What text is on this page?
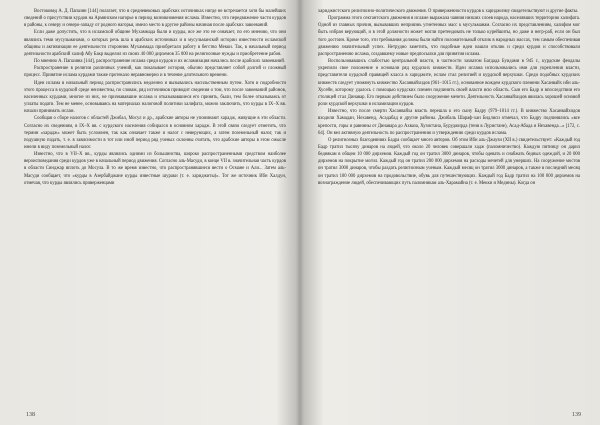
Востоковед А. Д. Папазян [144] полагает, что в средневековых арабских источниках нигде не встречается хотя бы малейших сведений о присутствии курдов на Армянском нагорье в период возникновения ислама. Известно, что передвижение части курдов в районы, к северу и северо-западу от родного нагорья, имело место в другие районы начиная после арабских завоеваний.

Если даже допустить, что в исламской общине Мухаммада были и курды, все же это не означает, по его мнению, что они являлись теми мусульманами, о которых речь шла в арабских источниках и в мусульманской истории известности исламской общины и активизации ее деятельности сторонник Мухаммада приобретали работу в бегство Мекки. Так, в начальный период деятельности арабский халиф Абу Бакр выделил из своих 40 000 дирхемов 35 000 на религиозные нужды и приобретение рабов.

По мнению А. Папазяна [144], распространение ислама среди курдов и их исламизация начались после арабских завоеваний.

Распространение в религии различных учений, как показывает история, обычно представляет собой долгий и сложный процесс. Принятие ислама курдами также протекало неравномерно и в течение длительного времени.

Идеи ислама в начальный период распространились медленно и вызывались насильственным путем. Хотя и подробности этого процесса в курдской среде неизвестны, по словам, ряд источников приводит сведения о том, что после завоеваний районов, населенных курдами, многие из них, не признававшие ислама и отказывавшиеся его принять, были, тем более отказываясь от уплаты подати. Тем не менее, основываясь на материалах налоговой политики халифата, можно заключить, что курды в IX–X вв. начали принимать ислам.

Сообщая о сборе налогов с областей Джибал, Мосул и др., арабские авторы не упоминают харадж, живущие в эти области. Согласно их сведениям, в IX–X вв. с курдского населения собирался в основном харадж. В этой связи следует отметить, что термин «харадж» может быть усложнен, так как означает также и налог с неверующих, а затем поземельный налог, так и подушную подать, т. е. в зависимости в тот или иной период ряд ученых склонны считать, что арабские авторы в этом смысле имели в виду поземельный налог.

Известно, что в VII–X вв., курды являлись одними из большинства, широко распространенными средством наиболее вероисповедания среди курдов уже в начальный период движения. Согласно аль-Масуди, в конце VII в. значительная часть курдов в области Синджар вплоть до Мосула. В то же время известно, что распространявшиеся вести о Османе и Али... Затем аль-Масуди сообщает, что «курды в Азербайджане курды известные шураки (т. е. хариджиты)». Тот же источник Ибн Халдун, отмечая, что курды являлись приверженцами

138

хариджистского религиозно-политического движения. О приверженности курдов к хариджизму свидетельствуют и другие факты.

Программа этого сектантского движения в исламе выражала чаяния низших слоев народа, населявших территорию халифата. Одной из главных причин, вызывавших неприязнь угнетенных масс к мусульманам. Согласно их представлениям, халифом мог быть избран верующий, и в этой должности может могли претендовать не только курейшиты, но даже и негр-раб, если он был того достоин. Кроме того, эти требования должны были найти положительный отклик в народных массах, тем самым обеспечивая движению значительный успех. Нетрудно заметить, что подобные идеи нашли отклик и среди курдов и способствовали распространению ислама, создавшему новые предпосылки для принятия ислама.

Воспользовавшись слабостью центральной власти, в частности захватом Багдада Буидами в 945 г., курдские феодалы укрепили свое положение и основали ряд курдских княжеств. Идеи ислама использовались ими для укрепления власти, представители курдской правящей класса в хариджите, ислам стал религией и курдской верхушки. Среди подобных курдских княжеств следует упомянуть княжество Хасанвайхидов (961–1015 гг.), основанное вождем курдского племени Хасанвайх ибн аль-Хусейн, которому удалось с помощью курдских племен подчинить своей власти всю область. Сын его Бадр и впоследствии его столицей стал Динавар. Его первым действием было сооружение мечети. Деятельность Хасанвайхидов явилась хорошей основой роли курдской верхушки в исламизации курдов.

Известно, что после смерти Хасанвайха власть перешла к его сыну Бадру (979–1014 гг.). В княжество Хасанвайхидов входили Хамадан, Нехавенд, Асадабад и другие районы. Джибаль Шараф-хан Бидлиси отмечал, что Бадру подчинялись «все крепости, горы и равнины от Динавара до Ахваза, Хузистана, Буруджирда (теня в Луристане), Асад-Абада и Нехавенда...» [172, с. 64]. Он вел активную деятельность по распространению и утверждению среди курдов ислама.

О религиозных благодеяниях Бадра сообщает много авторов. Об этом Ибн аль-Джаузи (XII в.) свидетельствует: «Каждый год Бадр тратил тысячу динаров на людей, что около 20 человек совершали хадж (паломничество). Каждую пятницу он дарил беднякам в общем 10 000 дирхемов. Каждый год он тратил 3000 динаров, чтобы одевать и снабжать бедных одеждой, и 20 000 дирхемов на покрытие могил. Каждый год он тратил 200 000 дирхемов на расходы мечетей для умерших. На сооружение мостов он тратил 3000 динаров, чтобы раздать религиозным ученым. Каждый месяц он тратил 3000 динаров, а также в последний месяц он тратил 100 000 дирхемов на продовольствие, обувь для путешествующих. Каждый год Бадр тратил на 100 000 дирхемов на вознаграждение людей, обеспечивающих путь паломникам аль-Харамайна (т. е. Мекки и Медины). Когда он

139
